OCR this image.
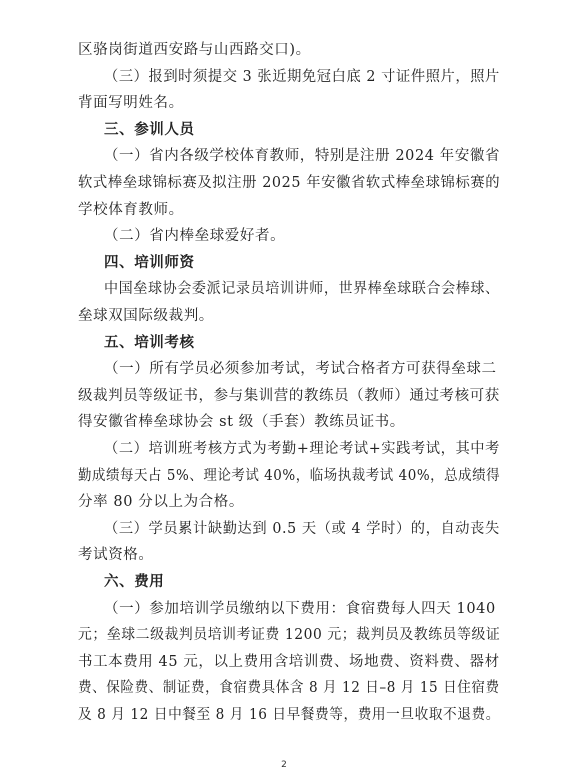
区骆岗街道西安路与山西路交口)。
（三）报到时须提交 3 张近期免冠白底 2 寸证件照片，照片
背面写明姓名。
三、参训人员
（一）省内各级学校体育教师，特别是注册 2024 年安徽省
软式棒垒球锦标赛及拟注册 2025 年安徽省软式棒垒球锦标赛的
学校体育教师。
（二）省内棒垒球爱好者。
四、培训师资
中国垒球协会委派记录员培训讲师，世界棒垒球联合会棒球、
垒球双国际级裁判。
五、培训考核
（一）所有学员必须参加考试，考试合格者方可获得垒球二
级裁判员等级证书，参与集训营的教练员（教师）通过考核可获
得安徽省棒垒球协会 st 级（手套）教练员证书。
（二）培训班考核方式为考勤+理论考试+实践考试，其中考
勤成绩每天占 5%、理论考试 40%，临场执裁考试 40%，总成绩得
分率 80 分以上为合格。
（三）学员累计缺勤达到 0.5 天（或 4 学时）的，自动丧失
考试资格。
六、费用
（一）参加培训学员缴纳以下费用：食宿费每人四天 1040
元；垒球二级裁判员培训考证费 1200 元；裁判员及教练员等级证
书工本费用 45 元，以上费用含培训费、场地费、资料费、器材
费、保险费、制证费，食宿费具体含 8 月 12 日–8 月 15 日住宿费
及 8 月 12 日中餐至 8 月 16 日早餐费等，费用一旦收取不退费。
2
